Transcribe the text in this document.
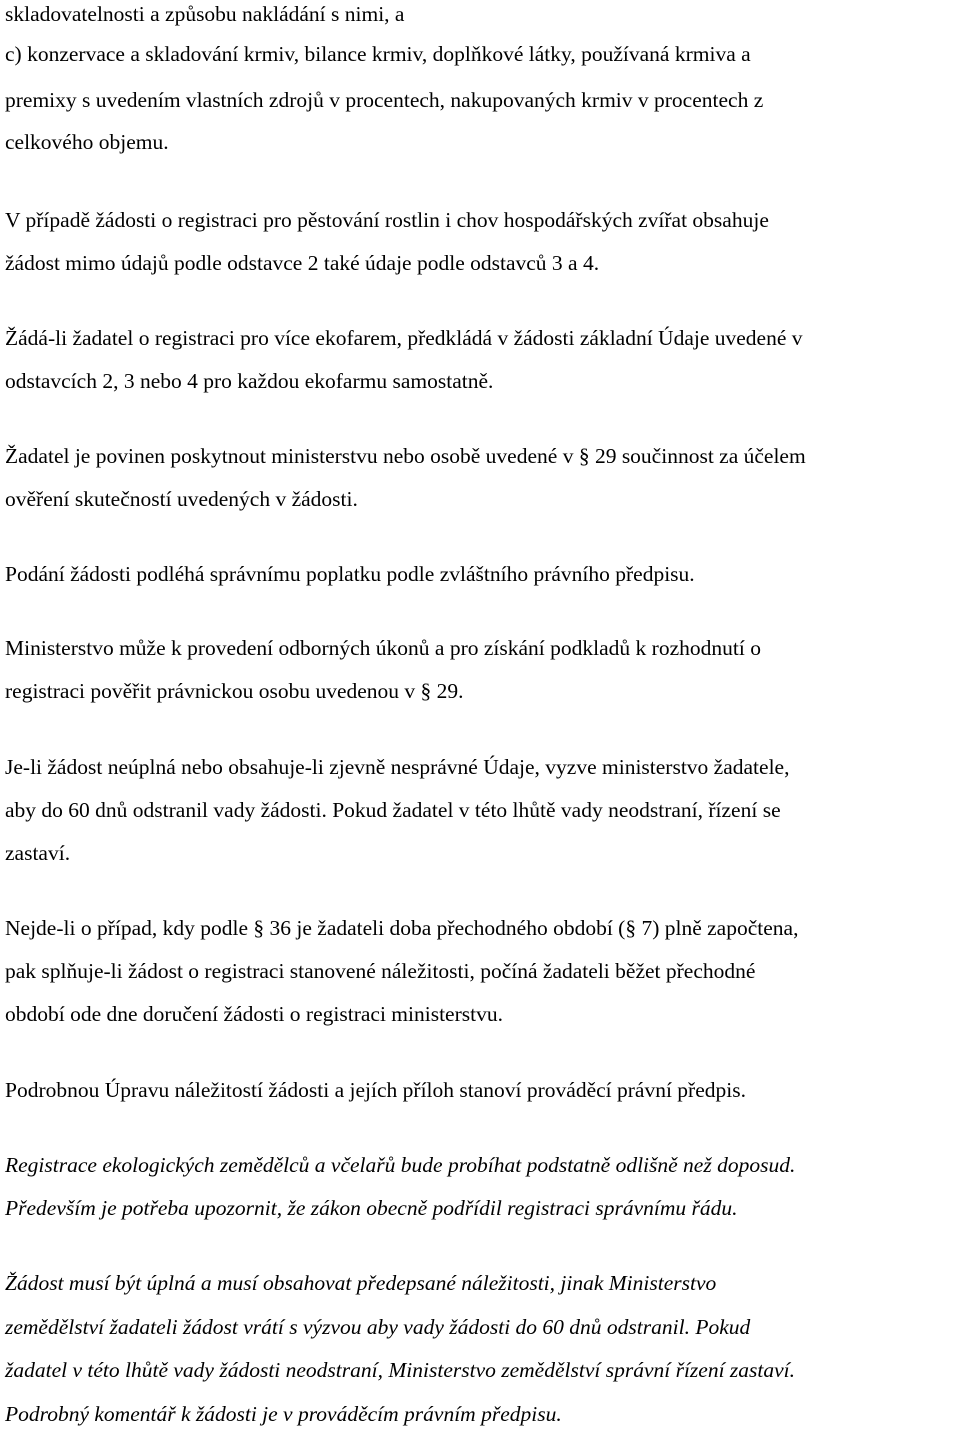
skladovatelnosti a způsobu nakládání s nimi, a
c) konzervace a skladování krmiv, bilance krmiv, doplňkové látky, používaná krmiva a
premixy s uvedením vlastních zdrojů v procentech, nakupovaných krmiv v procentech z
celkového objemu.
V případě žádosti o registraci pro pěstování rostlin i chov hospodářských zvířat obsahuje
žádost mimo údajů podle odstavce 2 také údaje podle odstavců 3 a 4.
Žádá-li žadatel o registraci pro více ekofarem, předkládá v žádosti základní Údaje uvedené v
odstavcích 2, 3 nebo 4 pro každou ekofarmu samostatně.
Žadatel je povinen poskytnout ministerstvu nebo osobě uvedené v § 29 součinnost za účelem
ověření skutečností uvedených v žádosti.
Podání žádosti podléhá správnímu poplatku podle zvláštního právního předpisu.
Ministerstvo může k provedení odborných úkonů a pro získání podkladů k rozhodnutí o
registraci pověřit právnickou osobu uvedenou v § 29.
Je-li žádost neúplná nebo obsahuje-li zjevně nesprávné Údaje, vyzve ministerstvo žadatele,
aby do 60 dnů odstranil vady žádosti. Pokud žadatel v této lhůtě vady neodstraní, řízení se
zastaví.
Nejde-li o případ, kdy podle § 36 je žadateli doba přechodného období (§ 7) plně započtena,
pak splňuje-li žádost o registraci stanovené náležitosti, počíná žadateli běžet přechodné
období ode dne doručení žádosti o registraci ministerstvu.
Podrobnou Úpravu náležitostí žádosti a jejích příloh stanoví prováděcí právní předpis.
Registrace ekologických zemědělců a včelařů bude probíhat podstatně odlišně než doposud.
Především je potřeba upozornit, že zákon obecně podřídil registraci správnímu řádu.
Žádost musí být úplná a musí obsahovat předepsané náležitosti, jinak Ministerstvo
zemědělství žadateli žádost vrátí s výzvou aby vady žádosti do 60 dnů odstranil. Pokud
žadatel v této lhůtě vady žádosti neodstraní, Ministerstvo zemědělství správní řízení zastaví.
Podrobný komentář k žádosti je v prováděcím právním předpisu.
